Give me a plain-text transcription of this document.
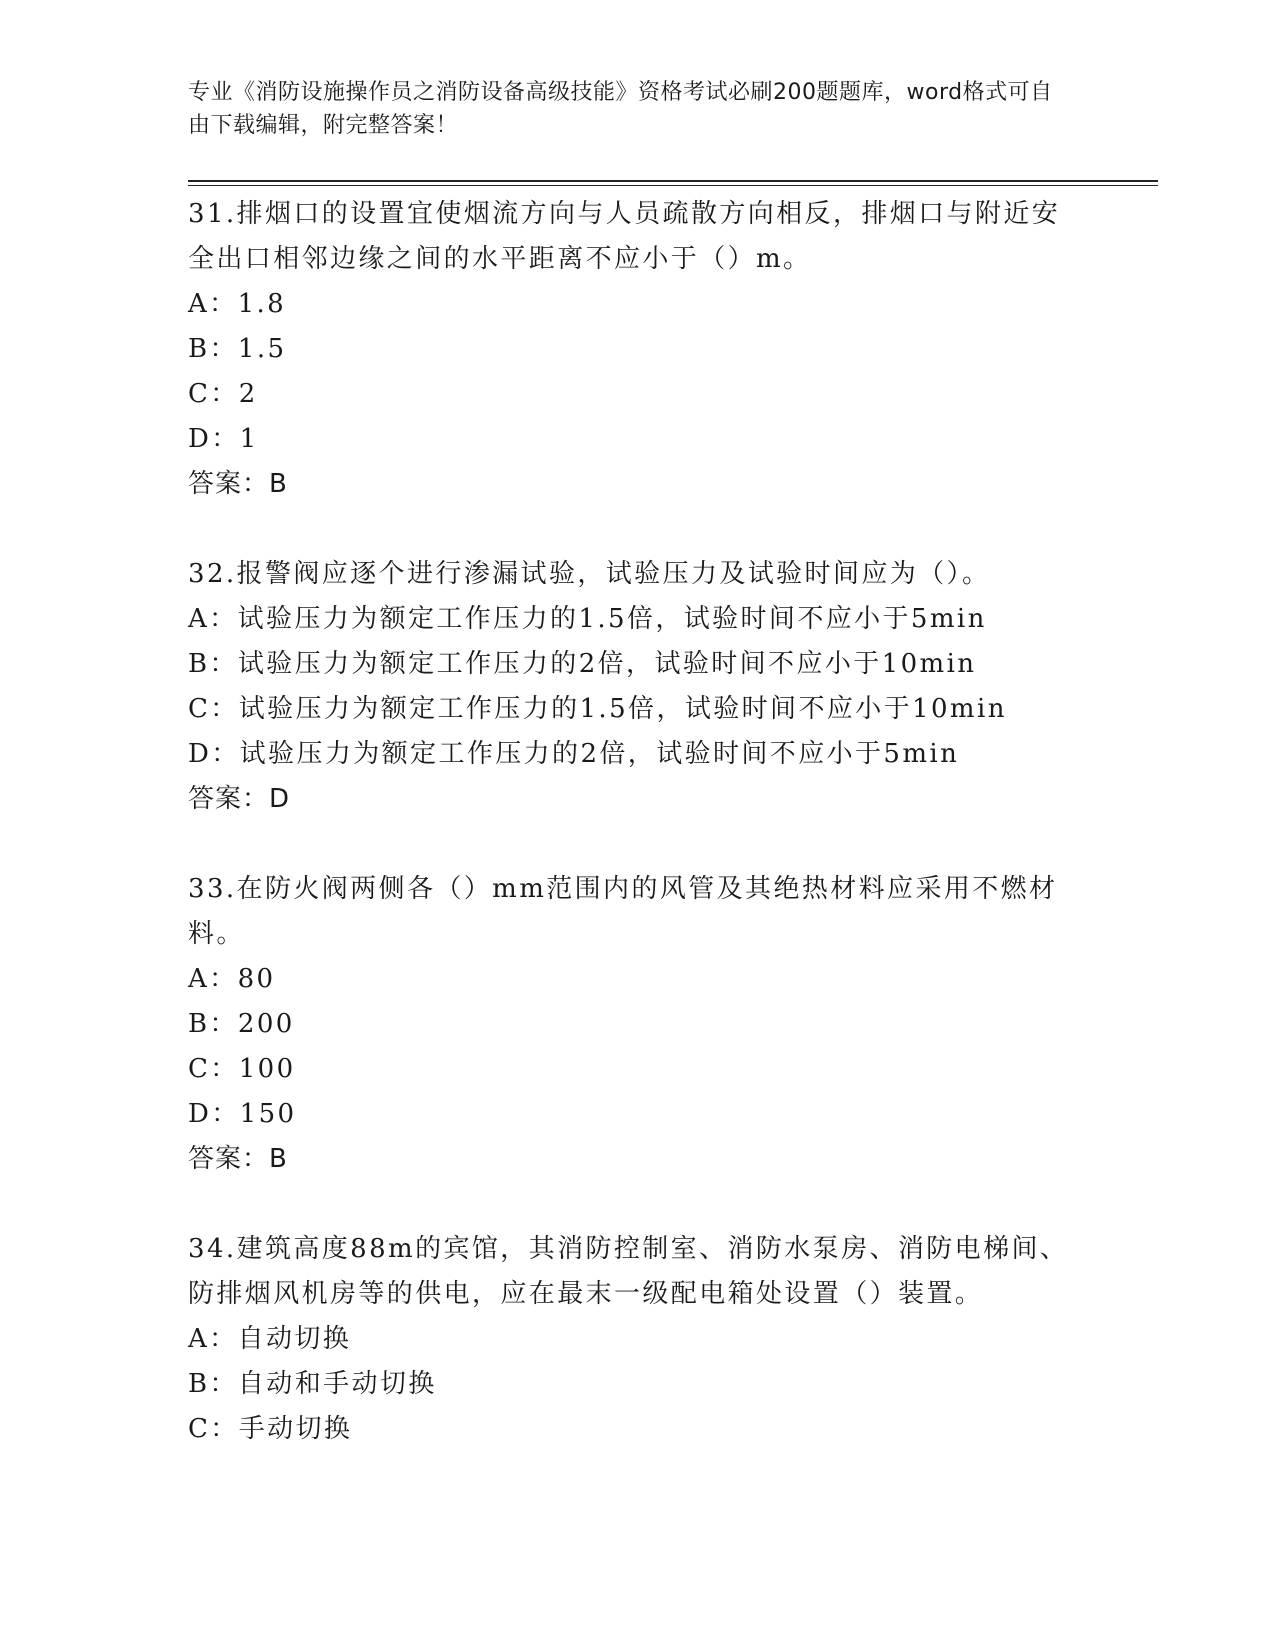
专业《消防设施操作员之消防设备高级技能》资格考试必刷200题题库，word格式可自由下载编辑，附完整答案！
31.排烟口的设置宜使烟流方向与人员疏散方向相反，排烟口与附近安全出口相邻边缘之间的水平距离不应小于（）m。
A：1.8
B：1.5
C：2
D：1
答案：B
32.报警阀应逐个进行渗漏试验，试验压力及试验时间应为（）。
A：试验压力为额定工作压力的1.5倍，试验时间不应小于5min
B：试验压力为额定工作压力的2倍，试验时间不应小于10min
C：试验压力为额定工作压力的1.5倍，试验时间不应小于10min
D：试验压力为额定工作压力的2倍，试验时间不应小于5min
答案：D
33.在防火阀两侧各（）mm范围内的风管及其绝热材料应采用不燃材料。
A：80
B：200
C：100
D：150
答案：B
34.建筑高度88m的宾馆，其消防控制室、消防水泵房、消防电梯间、防排烟风机房等的供电，应在最末一级配电箱处设置（）装置。
A：自动切换
B：自动和手动切换
C：手动切换
